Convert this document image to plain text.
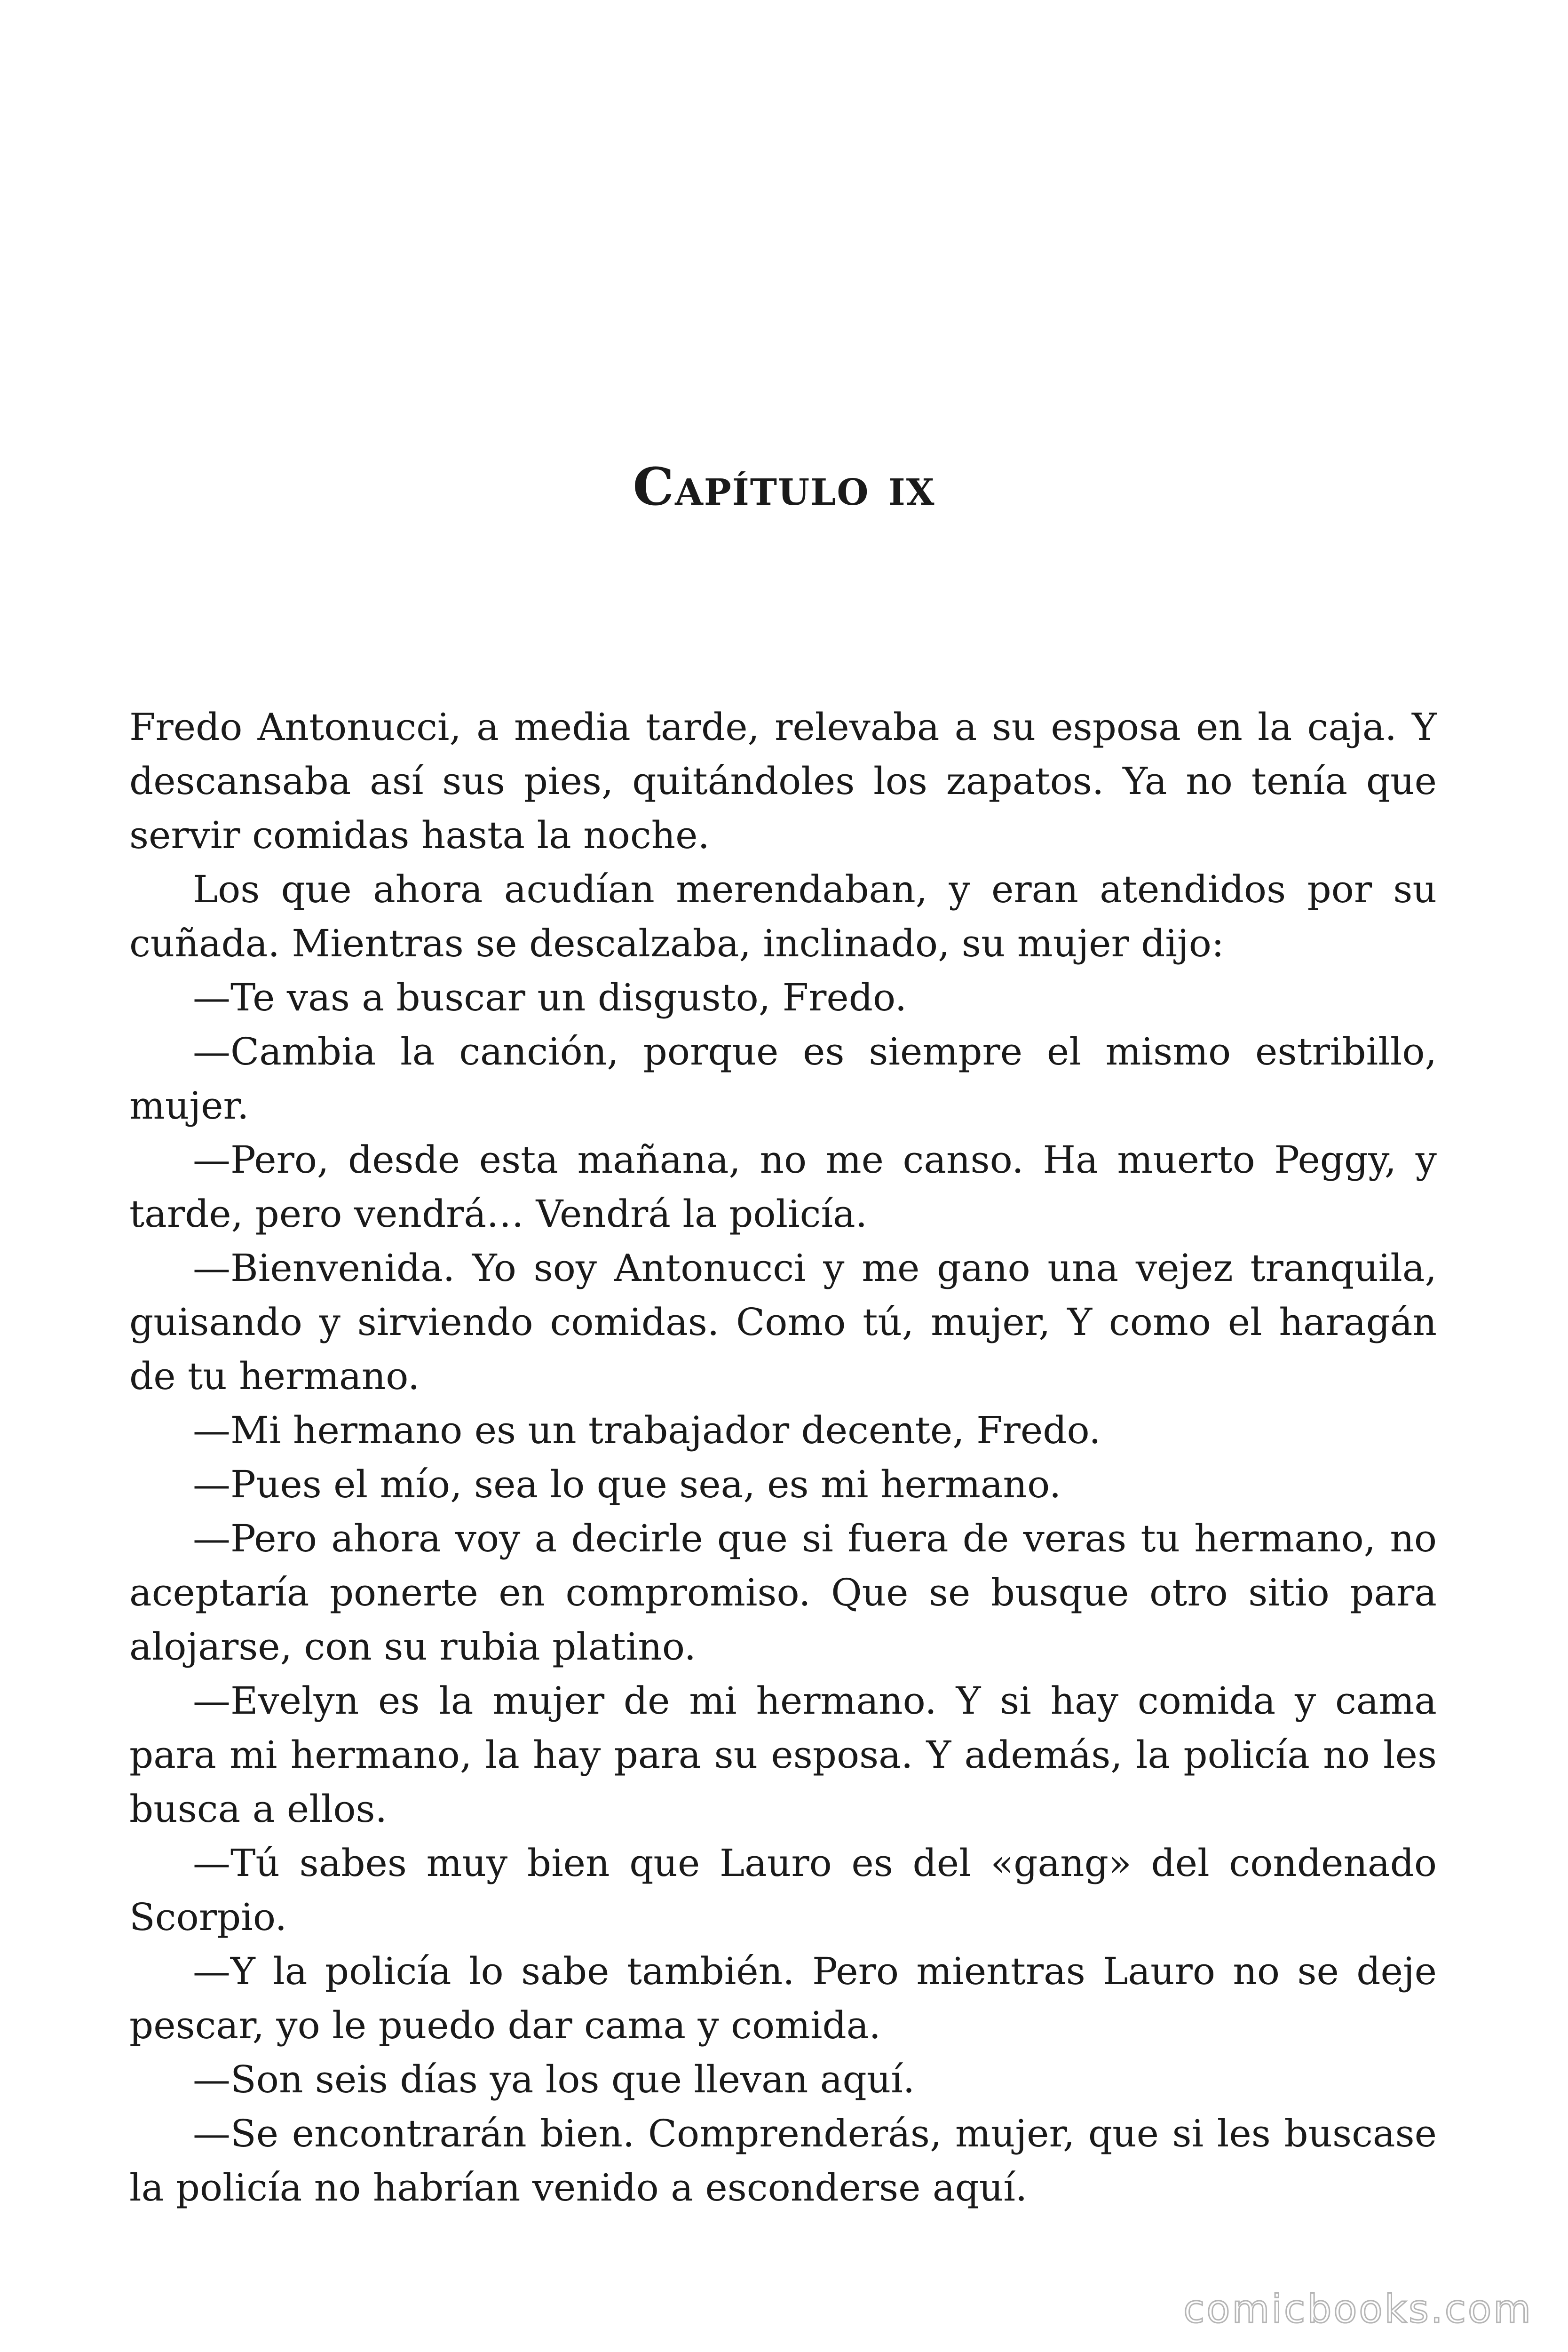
Capítulo ix

Fredo Antonucci, a media tarde, relevaba a su esposa en la caja. Y descansaba así sus pies, quitándoles los zapatos. Ya no tenía que servir comidas hasta la noche.

Los que ahora acudían merendaban, y eran atendidos por su cuñada. Mientras se descalzaba, inclinado, su mujer dijo:

—Te vas a buscar un disgusto, Fredo.

—Cambia la canción, porque es siempre el mismo estribillo, mujer.

—Pero, desde esta mañana, no me canso. Ha muerto Peggy, y tarde, pero vendrá… Vendrá la policía.

—Bienvenida. Yo soy Antonucci y me gano una vejez tranquila, guisando y sirviendo comidas. Como tú, mujer, Y como el haragán de tu hermano.

—Mi hermano es un trabajador decente, Fredo.

—Pues el mío, sea lo que sea, es mi hermano.

—Pero ahora voy a decirle que si fuera de veras tu hermano, no aceptaría ponerte en compromiso. Que se busque otro sitio para alojarse, con su rubia platino.

—Evelyn es la mujer de mi hermano. Y si hay comida y cama para mi hermano, la hay para su esposa. Y además, la policía no les busca a ellos.

—Tú sabes muy bien que Lauro es del «gang» del condenado Scorpio.

—Y la policía lo sabe también. Pero mientras Lauro no se deje pescar, yo le puedo dar cama y comida.

—Son seis días ya los que llevan aquí.

—Se encontrarán bien. Comprenderás, mujer, que si les buscase la policía no habrían venido a esconderse aquí.

comicbooks.com
